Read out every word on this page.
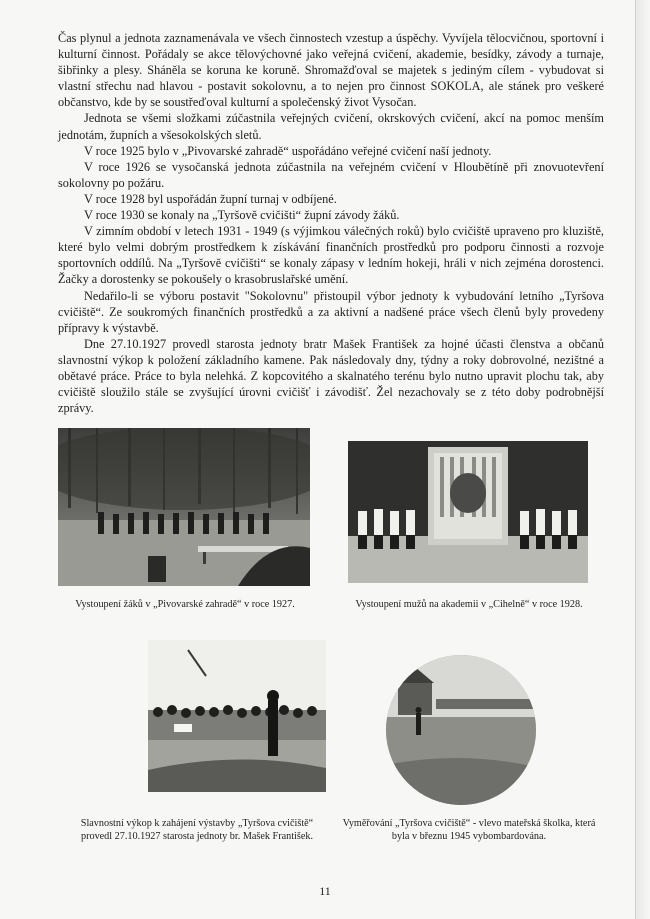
Čas plynul a jednota zaznamenávala ve všech činnostech vzestup a úspěchy. Vyvíjela tělocvičnou, sportovní i kulturní činnost. Pořádaly se akce tělovýchovné jako veřejná cvičení, akademie, besídky, závody a turnaje, šibřinky a plesy. Sháněla se koruna ke koruně. Shromažďoval se majetek s jediným cílem - vybudovat si vlastní střechu nad hlavou - postavit sokolovnu, a to nejen pro činnost SOKOLA, ale stánek pro veškeré občanstvo, kde by se soustřeďoval kulturní a společenský život Vysočan.

Jednota se všemi složkami zúčastnila veřejných cvičení, okrskových cvičení, akcí na pomoc menším jednotám, župních a všesokolských sletů.

V roce 1925 bylo v „Pivovarské zahradě“ uspořádáno veřejné cvičení naší jednoty.

V roce 1926 se vysočanská jednota zúčastnila na veřejném cvičení v Hloubětíně při znovuotevření sokolovny po požáru.

V roce 1928 byl uspořádán župní turnaj v odbíjené.

V roce 1930 se konaly na „Tyršově cvičišti“ župní závody žáků.

V zimním období v letech 1931 - 1949 (s výjimkou válečných roků) bylo cvičiště upraveno pro kluziště, které bylo velmi dobrým prostředkem k získávání finančních prostředků pro podporu činnosti a rozvoje sportovních oddílů. Na „Tyršově cvičišti“ se konaly zápasy v ledním hokeji, hráli v nich zejména dorostenci. Žačky a dorostenky se pokoušely o krasobruslařské umění.

Nedařilo-li se výboru postavit "Sokolovnu" přistoupil výbor jednoty k vybudování letního „Tyršova cvičiště“. Ze soukromých finančních prostředků a za aktivní a nadšené práce všech členů byly provedeny přípravy k výstavbě.

Dne 27.10.1927 provedl starosta jednoty bratr Mašek František za hojné účasti členstva a občanů slavnostní výkop k položení základního kamene. Pak následovaly dny, týdny a roky dobrovolné, nezištné a obětavé práce. Práce to byla nelehká. Z kopcovitého a skalnatého terénu bylo nutno upravit plochu tak, aby cvičiště sloužilo stále se zvyšující úrovni cvičišť i závodišť. Žel nezachovaly se z této doby podrobnější zprávy.

Vystoupení žáků v „Pivovarské zahradě“ v roce 1927.	Vystoupení mužů na akademii v „Cihelně“ v roce 1928.
Slavnostní výkop k zahájení výstavby „Tyršova cvičiště“ provedl 27.10.1927 starosta jednoty br. Mašek František.
Vyměřování „Tyršova cvičiště“ - vlevo mateřská školka, která byla v březnu 1945 vybombardována.
11
